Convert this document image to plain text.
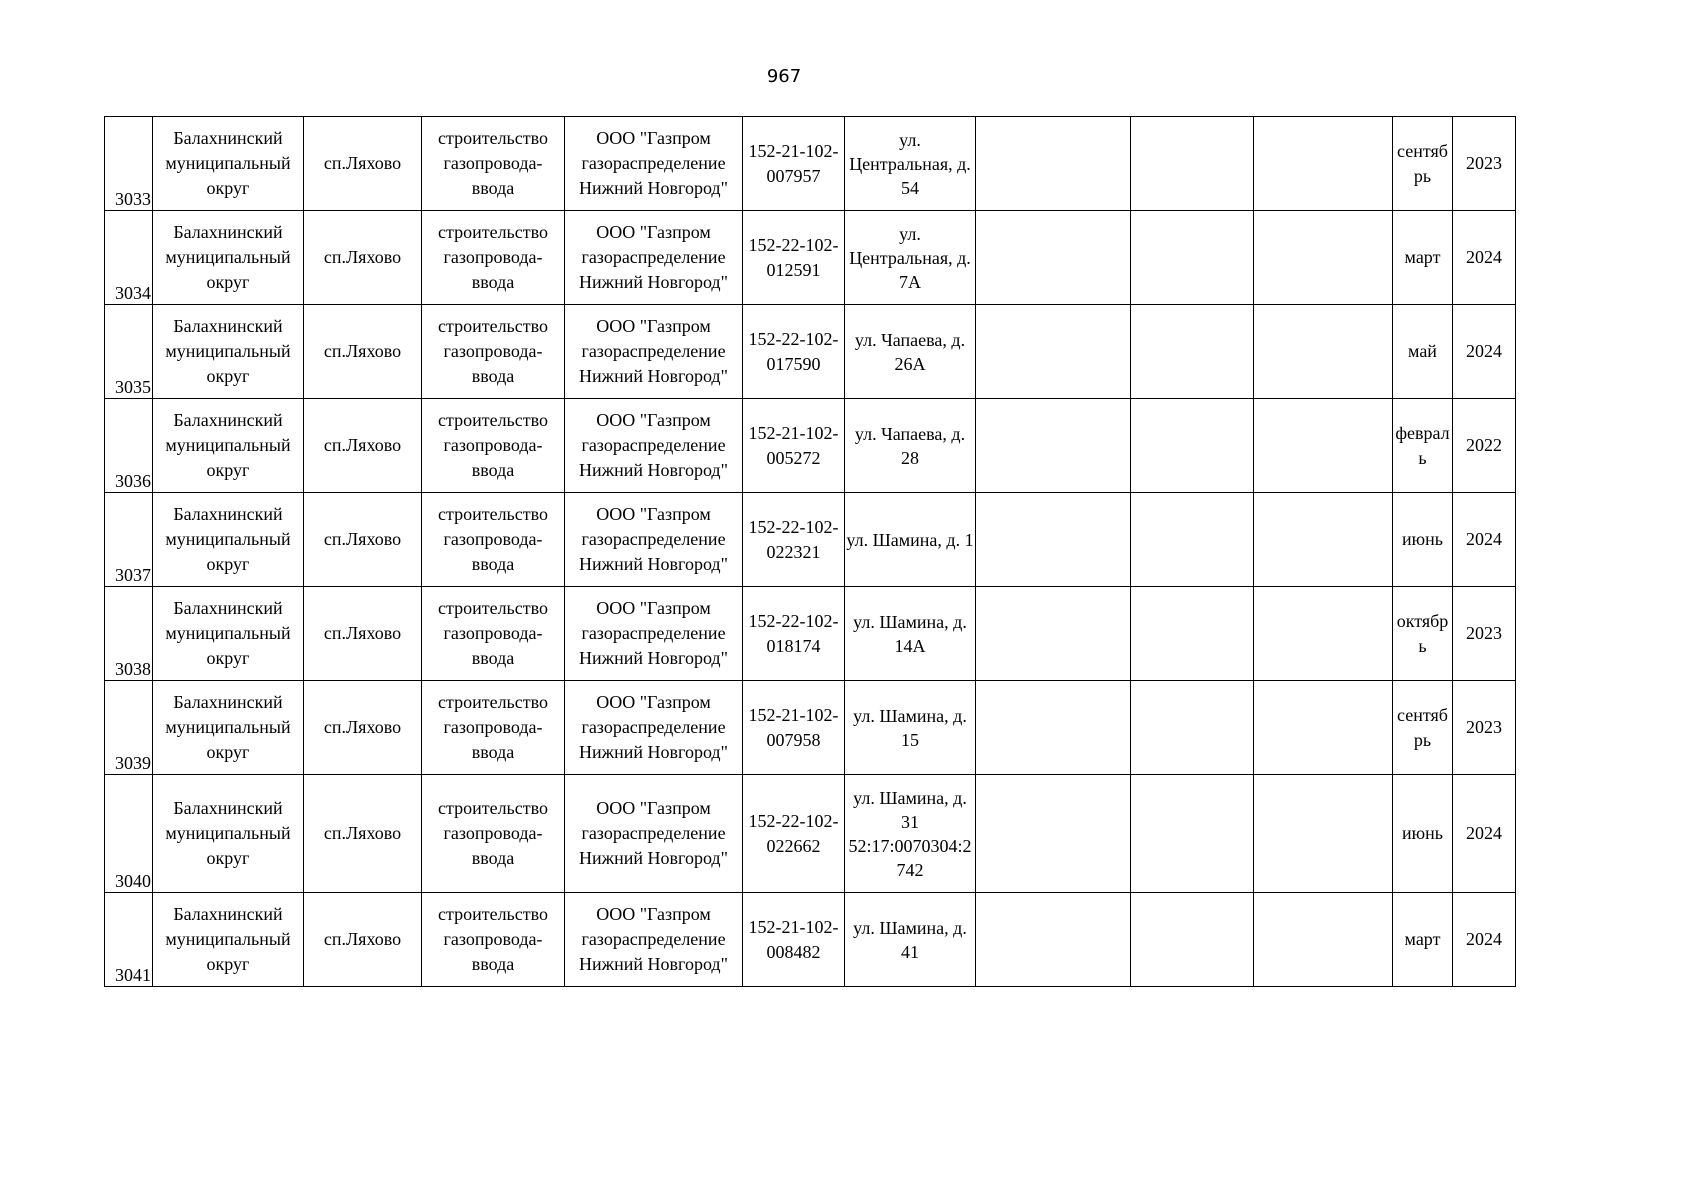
967
3033	Балахнинский муниципальный округ	сп.Ляхово	строительство газопровода-ввода	ООО "Газпром газораспределение Нижний Новгород"	152-21-102-007957	ул. Центральная, д. 54				сентябрь	2023
3034	Балахнинский муниципальный округ	сп.Ляхово	строительство газопровода-ввода	ООО "Газпром газораспределение Нижний Новгород"	152-22-102-012591	ул. Центральная, д. 7А				март	2024
3035	Балахнинский муниципальный округ	сп.Ляхово	строительство газопровода-ввода	ООО "Газпром газораспределение Нижний Новгород"	152-22-102-017590	ул. Чапаева, д. 26А				май	2024
3036	Балахнинский муниципальный округ	сп.Ляхово	строительство газопровода-ввода	ООО "Газпром газораспределение Нижний Новгород"	152-21-102-005272	ул. Чапаева, д. 28				февраль	2022
3037	Балахнинский муниципальный округ	сп.Ляхово	строительство газопровода-ввода	ООО "Газпром газораспределение Нижний Новгород"	152-22-102-022321	ул. Шамина, д. 1				июнь	2024
3038	Балахнинский муниципальный округ	сп.Ляхово	строительство газопровода-ввода	ООО "Газпром газораспределение Нижний Новгород"	152-22-102-018174	ул. Шамина, д. 14А				октябрь	2023
3039	Балахнинский муниципальный округ	сп.Ляхово	строительство газопровода-ввода	ООО "Газпром газораспределение Нижний Новгород"	152-21-102-007958	ул. Шамина, д. 15				сентябрь	2023
3040	Балахнинский муниципальный округ	сп.Ляхово	строительство газопровода-ввода	ООО "Газпром газораспределение Нижний Новгород"	152-22-102-022662	ул. Шамина, д. 31 52:17:0070304:2742				июнь	2024
3041	Балахнинский муниципальный округ	сп.Ляхово	строительство газопровода-ввода	ООО "Газпром газораспределение Нижний Новгород"	152-21-102-008482	ул. Шамина, д. 41				март	2024
